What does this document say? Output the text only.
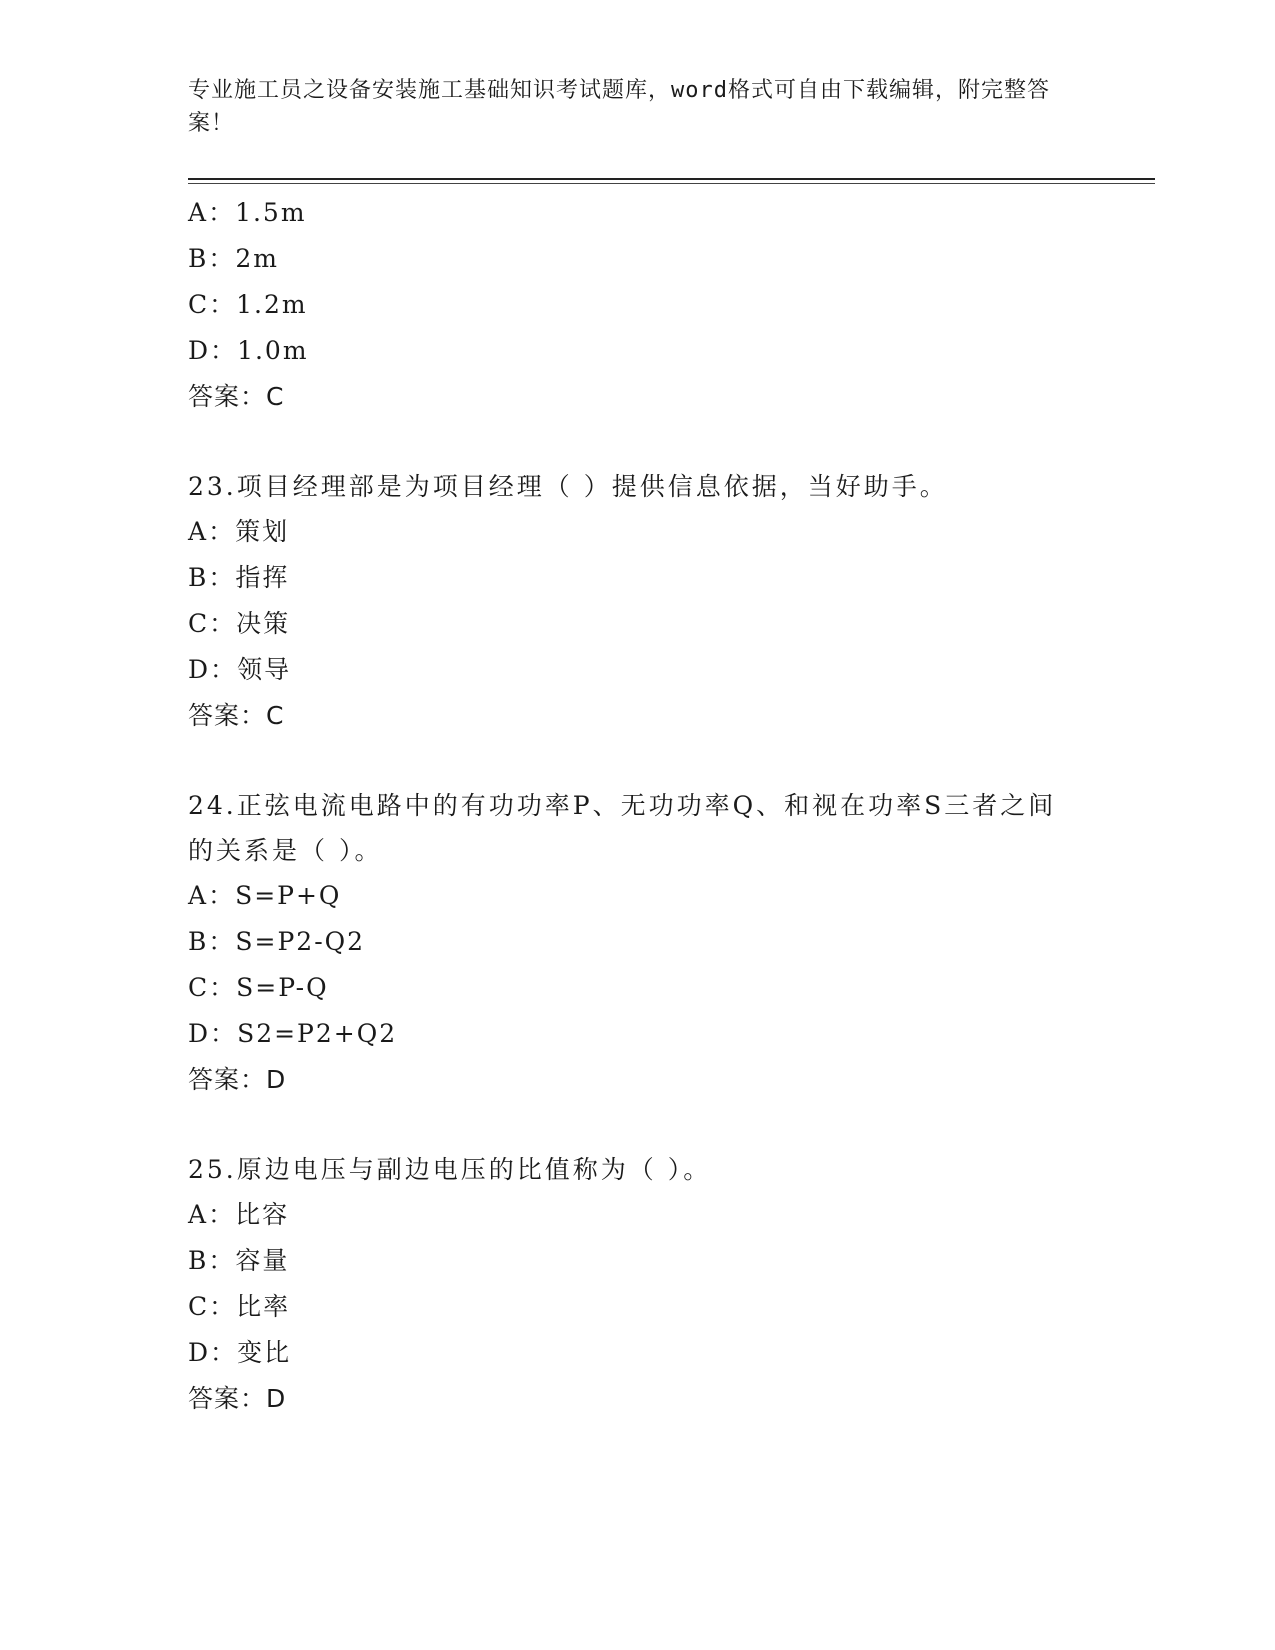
专业施工员之设备安装施工基础知识考试题库，word格式可自由下载编辑，附完整答案！
A：1.5m
B：2m
C：1.2m
D：1.0m
答案：C
23.项目经理部是为项目经理（ ）提供信息依据，当好助手。
A：策划
B：指挥
C：决策
D：领导
答案：C
24.正弦电流电路中的有功功率P、无功功率Q、和视在功率S三者之间的关系是（ ）。
A：S=P+Q
B：S=P2-Q2
C：S=P-Q
D：S2=P2+Q2
答案：D
25.原边电压与副边电压的比值称为（ ）。
A：比容
B：容量
C：比率
D：变比
答案：D
